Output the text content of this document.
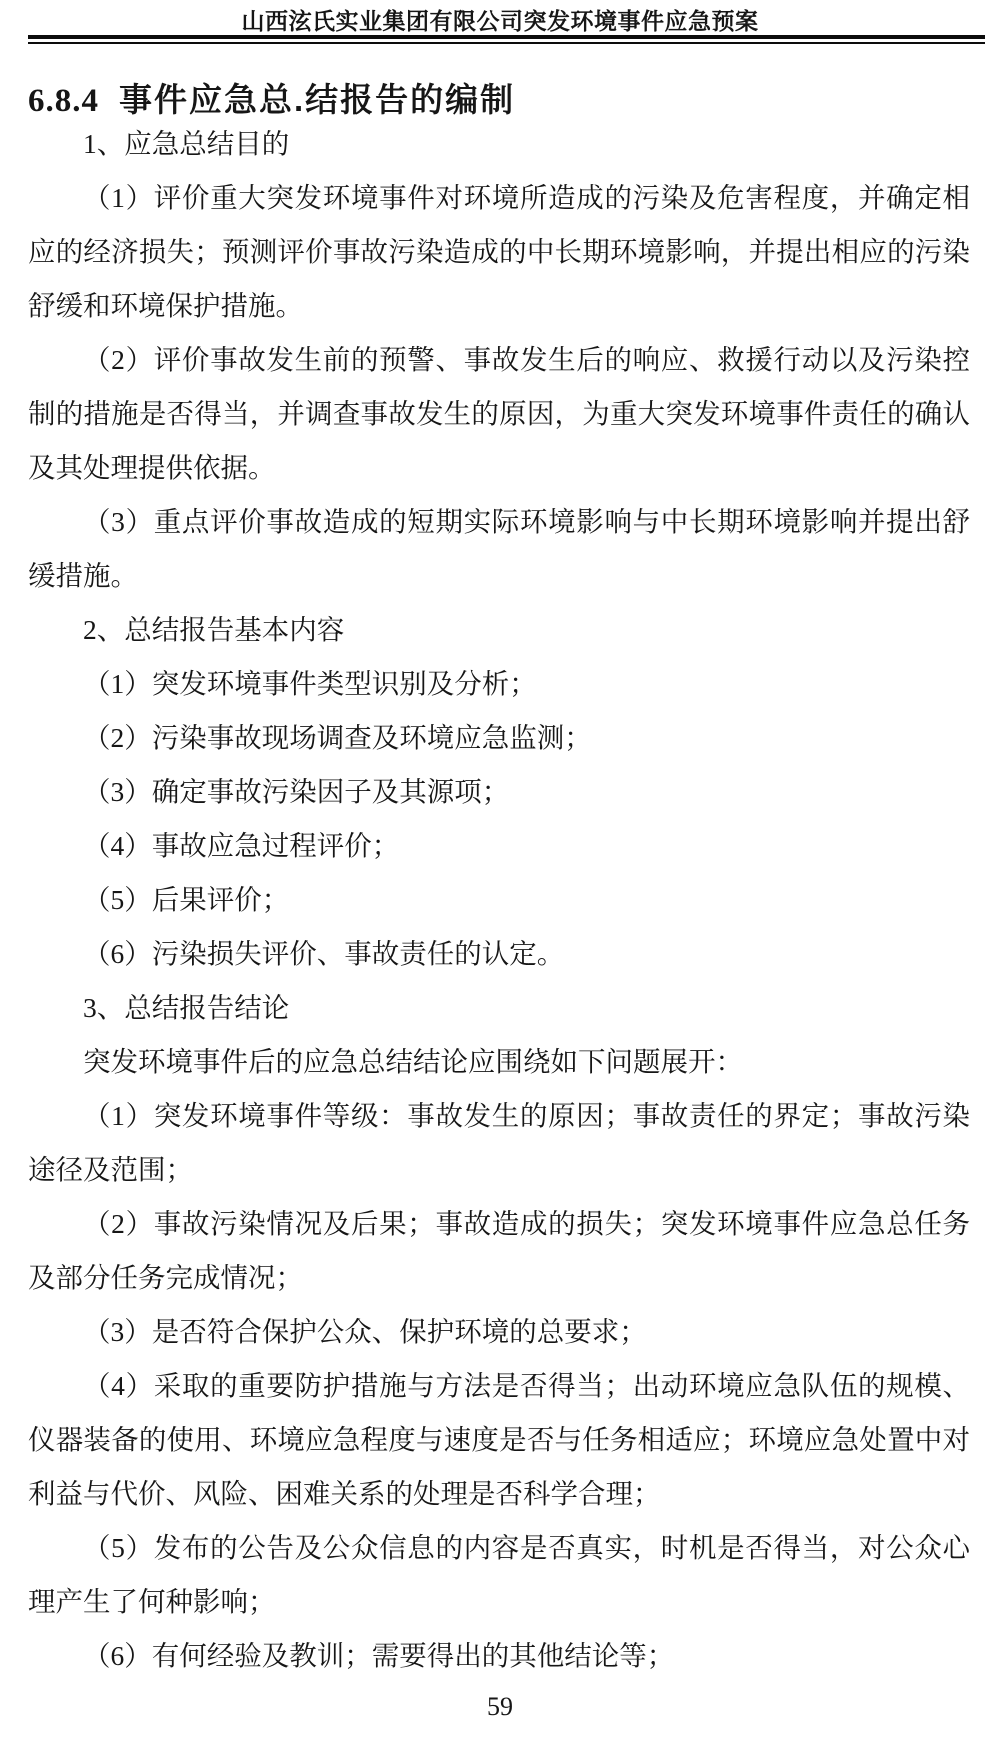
山西泫氏实业集团有限公司突发环境事件应急预案
6.8.4 事件应急总.结报告的编制

1、应急总结目的

（1）评价重大突发环境事件对环境所造成的污染及危害程度，并确定相应的经济损失；预测评价事故污染造成的中长期环境影响，并提出相应的污染舒缓和环境保护措施。

（2）评价事故发生前的预警、事故发生后的响应、救援行动以及污染控制的措施是否得当，并调查事故发生的原因，为重大突发环境事件责任的确认及其处理提供依据。

（3）重点评价事故造成的短期实际环境影响与中长期环境影响并提出舒缓措施。

2、总结报告基本内容

（1）突发环境事件类型识别及分析；

（2）污染事故现场调查及环境应急监测；

（3）确定事故污染因子及其源项；

（4）事故应急过程评价；

（5）后果评价；

（6）污染损失评价、事故责任的认定。

3、总结报告结论

突发环境事件后的应急总结结论应围绕如下问题展开：

（1）突发环境事件等级：事故发生的原因；事故责任的界定；事故污染途径及范围；

（2）事故污染情况及后果；事故造成的损失；突发环境事件应急总任务及部分任务完成情况；

（3）是否符合保护公众、保护环境的总要求；

（4）采取的重要防护措施与方法是否得当；出动环境应急队伍的规模、仪器装备的使用、环境应急程度与速度是否与任务相适应；环境应急处置中对利益与代价、风险、困难关系的处理是否科学合理；

（5）发布的公告及公众信息的内容是否真实，时机是否得当，对公众心理产生了何种影响；

（6）有何经验及教训；需要得出的其他结论等；

59
